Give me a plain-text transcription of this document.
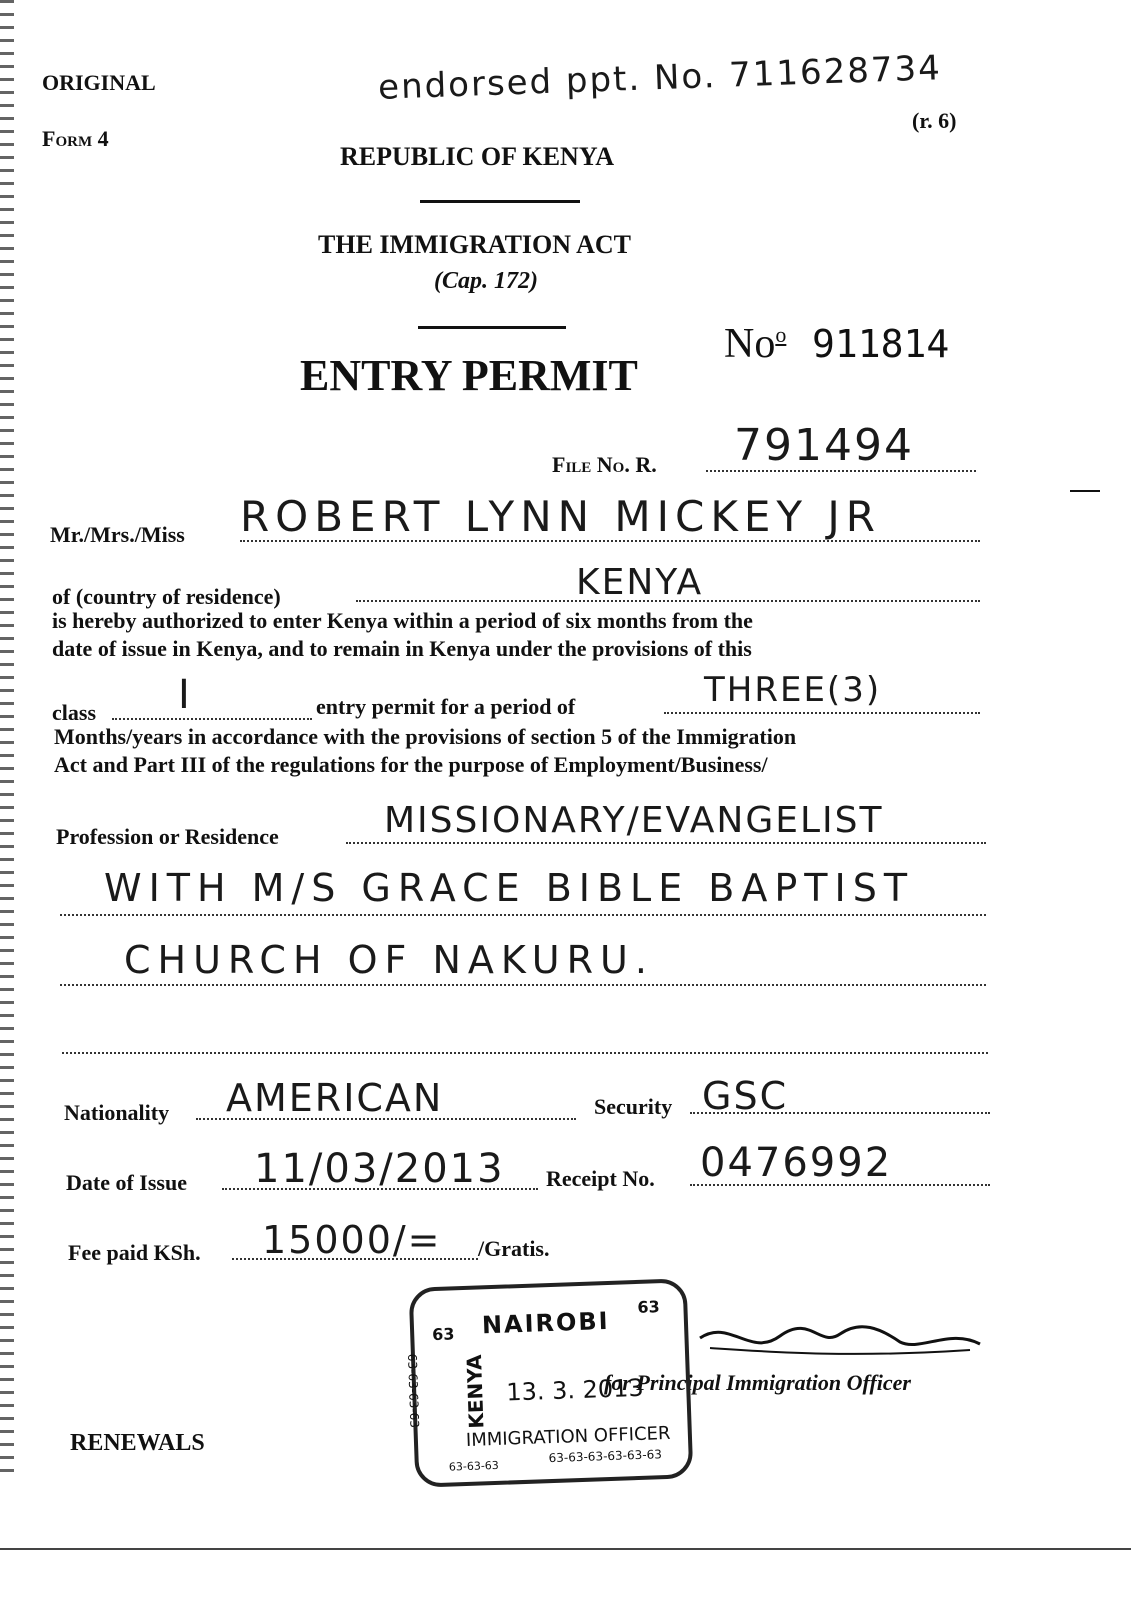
ORIGINAL
Form 4
endorsed ppt. No. 711628734
(r. 6)
REPUBLIC OF KENYA
THE IMMIGRATION ACT
(Cap. 172)
ENTRY PERMIT
No$^o$ 911814
File No. R. 791494
Mr./Mrs./Miss ROBERT LYNN MICKEY JR
of (country of residence)	KENYA
is hereby authorized to enter Kenya within a period of six months from the
date of issue in Kenya, and to remain in Kenya under the provisions of this
class I	entry permit for a period of	THREE(3)
Months/years in accordance with the provisions of section 5 of the Immigration
Act and Part III of the regulations for the purpose of Employment/Business/
Profession or Residence	MISSIONARY/EVANGELIST
WITH M/S GRACE BIBLE BAPTIST
CHURCH OF NAKURU.
Nationality AMERICAN	Security GSC
Date of Issue 11/03/2013 Receipt No. 0476992
Fee paid KSh. 15000/= /Gratis.
for Principal Immigration Officer
63 NAIROBI 63
63-63-63-63 KENYA 13. 3. 2013
IMMIGRATION OFFICER
63-63-63
63-63-63-63-63-63
RENEWALS
